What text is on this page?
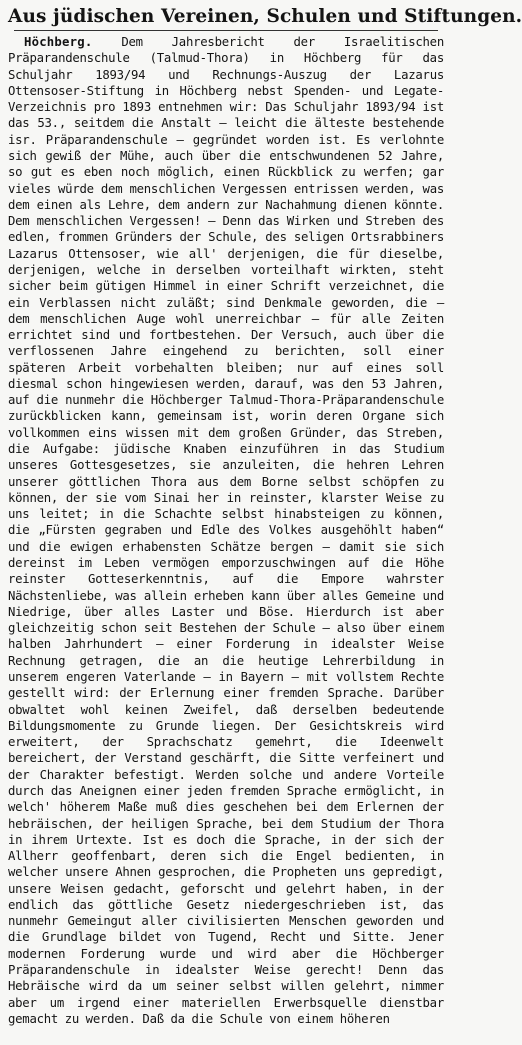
Aus jüdischen Vereinen, Schulen und Stiftungen.
Höchberg. Dem Jahresbericht der Israelitischen Präparandenschule (Talmud-Thora) in Höchberg für das Schuljahr 1893/94 und Rechnungs-Auszug der Lazarus Ottensoser-Stiftung in Höchberg nebst Spenden- und Legate-Verzeichnis pro 1893 entnehmen wir: Das Schuljahr 1893/94 ist das 53., seitdem die Anstalt — leicht die älteste bestehende isr. Präparandenschule — gegründet worden ist. Es verlohnte sich gewiß der Mühe, auch über die entschwundenen 52 Jahre, so gut es eben noch möglich, einen Rückblick zu werfen; gar vieles würde dem menschlichen Vergessen entrissen werden, was dem einen als Lehre, dem andern zur Nachahmung dienen könnte. Dem menschlichen Vergessen! — Denn das Wirken und Streben des edlen, frommen Gründers der Schule, des seligen Ortsrabbiners Lazarus Ottensoser, wie all' derjenigen, die für dieselbe, derjenigen, welche in derselben vorteilhaft wirkten, steht sicher beim gütigen Himmel in einer Schrift verzeichnet, die ein Verblassen nicht zuläßt; sind Denkmale geworden, die — dem menschlichen Auge wohl unerreichbar — für alle Zeiten errichtet sind und fortbestehen. Der Versuch, auch über die verflossenen Jahre eingehend zu berichten, soll einer späteren Arbeit vorbehalten bleiben; nur auf eines soll diesmal schon hingewiesen werden, darauf, was den 53 Jahren, auf die nunmehr die Höchberger Talmud-Thora-Präparandenschule zurückblicken kann, gemeinsam ist, worin deren Organe sich vollkommen eins wissen mit dem großen Gründer, das Streben, die Aufgabe: jüdische Knaben einzuführen in das Studium unseres Gottesgesetzes, sie anzuleiten, die hehren Lehren unserer göttlichen Thora aus dem Borne selbst schöpfen zu können, der sie vom Sinai her in reinster, klarster Weise zu uns leitet; in die Schachte selbst hinabsteigen zu können, die „Fürsten gegraben und Edle des Volkes ausgehöhlt haben“ und die ewigen erhabensten Schätze bergen — damit sie sich dereinst im Leben vermögen emporzuschwingen auf die Höhe reinster Gotteserkenntnis, auf die Empore wahrster Nächstenliebe, was allein erheben kann über alles Gemeine und Niedrige, über alles Laster und Böse. Hierdurch ist aber gleichzeitig schon seit Bestehen der Schule — also über einem halben Jahrhundert — einer Forderung in idealster Weise Rechnung getragen, die an die heutige Lehrerbildung in unserem engeren Vaterlande — in Bayern — mit vollstem Rechte gestellt wird: der Erlernung einer fremden Sprache. Darüber obwaltet wohl keinen Zweifel, daß derselben bedeutende Bildungsmomente zu Grunde liegen. Der Gesichtskreis wird erweitert, der Sprachschatz gemehrt, die Ideenwelt bereichert, der Verstand geschärft, die Sitte verfeinert und der Charakter befestigt. Werden solche und andere Vorteile durch das Aneignen einer jeden fremden Sprache ermöglicht, in welch' höherem Maße muß dies geschehen bei dem Erlernen der hebräischen, der heiligen Sprache, bei dem Studium der Thora in ihrem Urtexte. Ist es doch die Sprache, in der sich der Allherr geoffenbart, deren sich die Engel bedienten, in welcher unsere Ahnen gesprochen, die Propheten uns gepredigt, unsere Weisen gedacht, geforscht und gelehrt haben, in der endlich das göttliche Gesetz niedergeschrieben ist, das nunmehr Gemeingut aller civilisierten Menschen geworden und die Grundlage bildet von Tugend, Recht und Sitte. Jener modernen Forderung wurde und wird aber die Höchberger Präparandenschule in idealster Weise gerecht! Denn das Hebräische wird da um seiner selbst willen gelehrt, nimmer aber um irgend einer materiellen Erwerbsquelle dienstbar gemacht zu werden. Daß da die Schule von einem höheren
